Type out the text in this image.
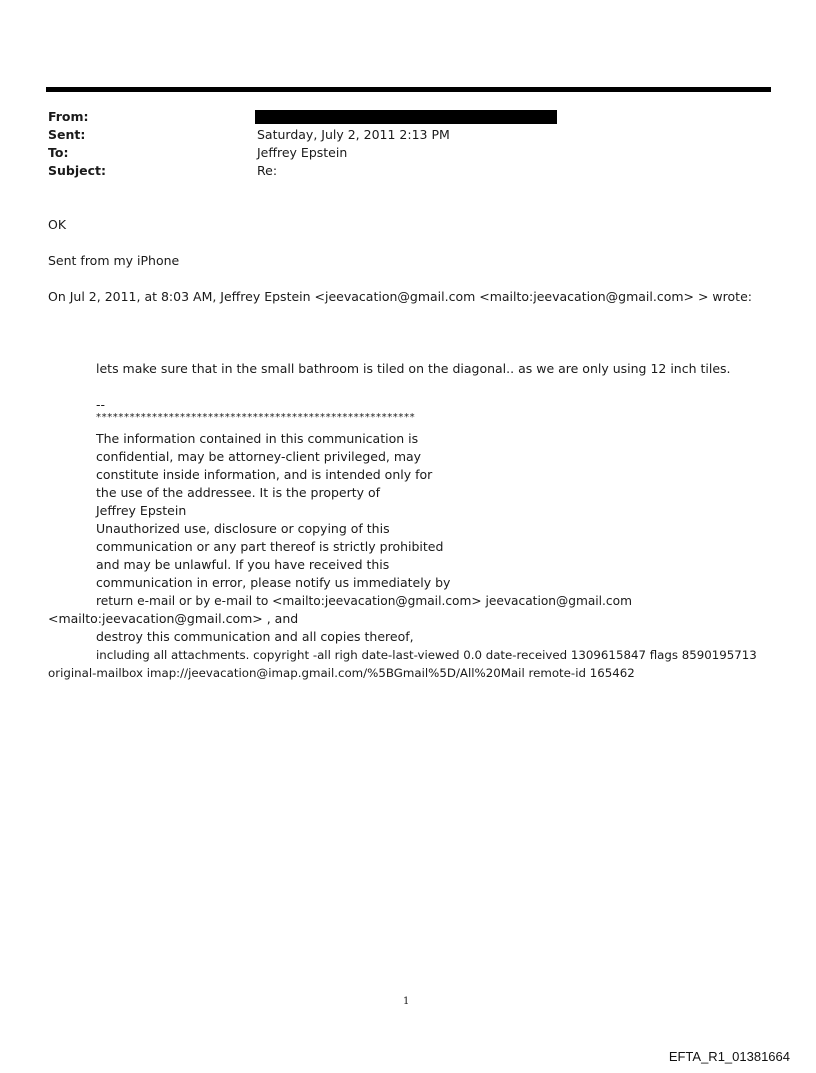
From:
Sent:
To:
Subject:
Saturday, July 2, 2011 2:13 PM
Jeffrey Epstein
Re:
OK
Sent from my iPhone
On Jul 2, 2011, at 8:03 AM, Jeffrey Epstein <jeevacation@gmail.com <mailto:jeevacation@gmail.com> > wrote:
lets make sure that in the small bathroom is tiled on the diagonal.. as we are only using 12 inch tiles.
--
*********************************************************
The information contained in this communication is
confidential, may be attorney-client privileged, may
constitute inside information, and is intended only for
the use of the addressee. It is the property of
Jeffrey Epstein
Unauthorized use, disclosure or copying of this
communication or any part thereof is strictly prohibited
and may be unlawful. If you have received this
communication in error, please notify us immediately by
return e-mail or by e-mail to <mailto:jeevacation@gmail.com> jeevacation@gmail.com
<mailto:jeevacation@gmail.com> , and
destroy this communication and all copies thereof,
including all attachments. copyright -all righ date-last-viewed 0.0 date-received 1309615847 flags 8590195713
original-mailbox imap://jeevacation@imap.gmail.com/%5BGmail%5D/All%20Mail remote-id 165462
1
EFTA_R1_01381664
